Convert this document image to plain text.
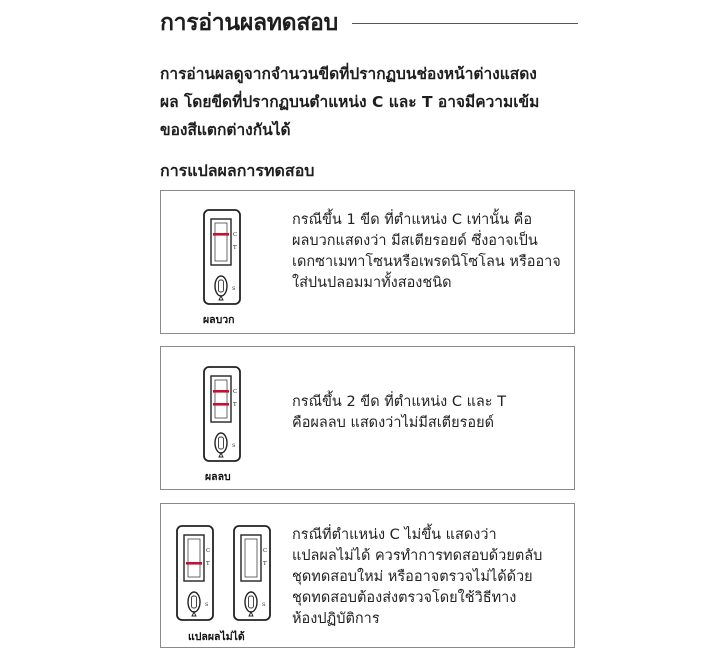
การอ่านผลทดสอบ
การอ่านผลดูจากจำนวนขีดที่ปรากฏบนช่องหน้าต่างแสดง
ผล โดยขีดที่ปรากฏบนตำแหน่ง C และ T อาจมีความเข้ม
ของสีแตกต่างกันได้
การแปลผลการทดสอบ
C
T
S
ผลบวก
กรณีขึ้น 1 ขีด ที่ตำแหน่ง C เท่านั้น คือ
ผลบวกแสดงว่า มีสเตียรอยด์ ซึ่งอาจเป็น
เดกซาเมทาโซนหรือเพรดนิโซโลน หรืออาจ
ใส่ปนปลอมมาทั้งสองชนิด
C
T
S
ผลลบ
กรณีขึ้น 2 ขีด ที่ตำแหน่ง C และ T
คือผลลบ แสดงว่าไม่มีสเตียรอยด์
C
T
S
C
T
S
แปลผลไม่ได้
กรณีที่ตำแหน่ง C ไม่ขึ้น แสดงว่า
แปลผลไม่ได้ ควรทำการทดสอบด้วยตลับ
ชุดทดสอบใหม่ หรืออาจตรวจไม่ได้ด้วย
ชุดทดสอบต้องส่งตรวจโดยใช้วิธีทาง
ห้องปฏิบัติการ
